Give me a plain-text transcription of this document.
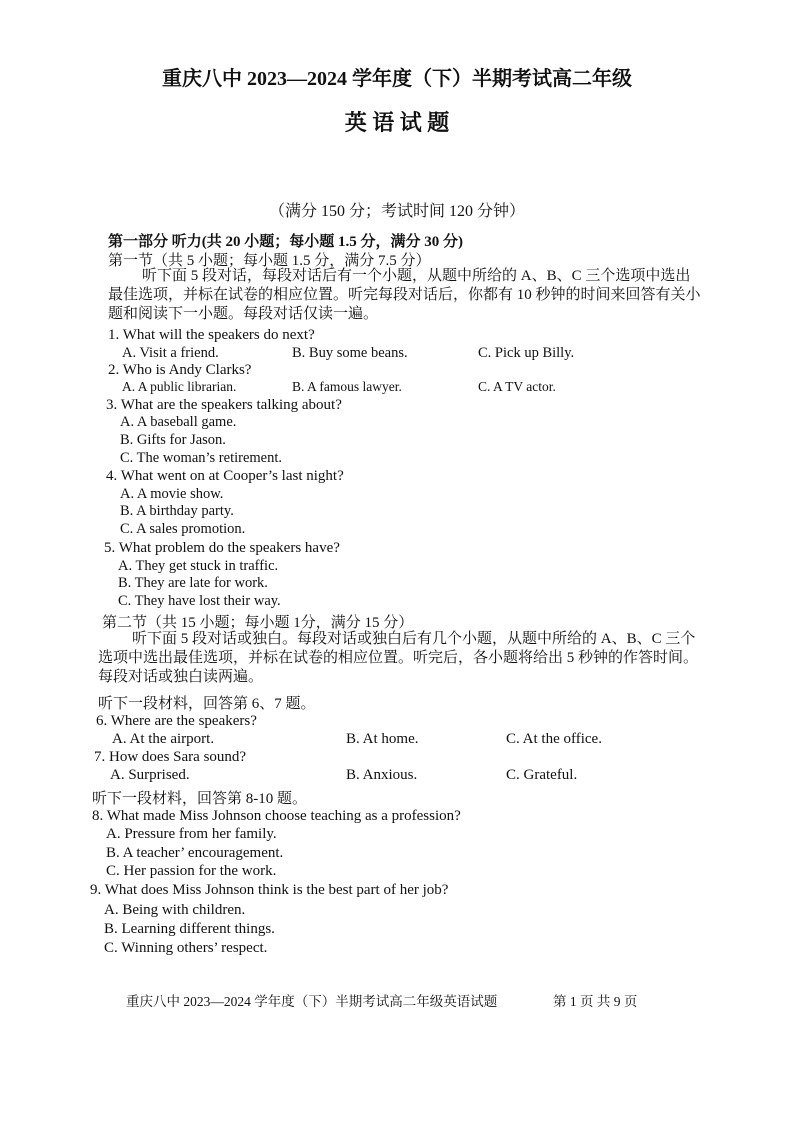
重庆八中 2023—2024 学年度（下）半期考试高二年级
英 语 试 题
（满分 150 分；考试时间 120 分钟）
第一部分 听力(共 20 小题；每小题 1.5 分，满分 30 分)
第一节（共 5 小题；每小题 1.5 分，满分 7.5 分）
听下面 5 段对话，每段对话后有一个小题，从题中所给的 A、B、C 三个选项中选出最佳选项，并标在试卷的相应位置。听完每段对话后，你都有 10 秒钟的时间来回答有关小题和阅读下一小题。每段对话仅读一遍。
1. What will the speakers do next?
A. Visit a friend.	B. Buy some beans.	C. Pick up Billy.
2. Who is Andy Clarks?
A. A public librarian.	B. A famous lawyer.	C. A TV actor.
3. What are the speakers talking about?
A. A baseball game.
B. Gifts for Jason.
C. The woman’s retirement.
4. What went on at Cooper’s last night?
A. A movie show.
B. A birthday party.
C. A sales promotion.
5. What problem do the speakers have?
A. They get stuck in traffic.
B. They are late for work.
C. They have lost their way.
第二节（共 15 小题；每小题 1分，满分 15 分）
听下面 5 段对话或独白。每段对话或独白后有几个小题，从题中所给的 A、B、C 三个选项中选出最佳选项，并标在试卷的相应位置。听完后，各小题将给出 5 秒钟的作答时间。每段对话或独白读两遍。
听下一段材料，回答第 6、7 题。
6. Where are the speakers?
A. At the airport.	B. At home.	C. At the office.
7. How does Sara sound?
A. Surprised.	B. Anxious.	C. Grateful.
听下一段材料，回答第 8-10 题。
8. What made Miss Johnson choose teaching as a profession?
A. Pressure from her family.
B. A teacher’ encouragement.
C. Her passion for the work.
9. What does Miss Johnson think is the best part of her job?
A. Being with children.
B. Learning different things.
C. Winning others’ respect.
重庆八中 2023—2024 学年度（下）半期考试高二年级英语试题	第 1 页 共 9 页
